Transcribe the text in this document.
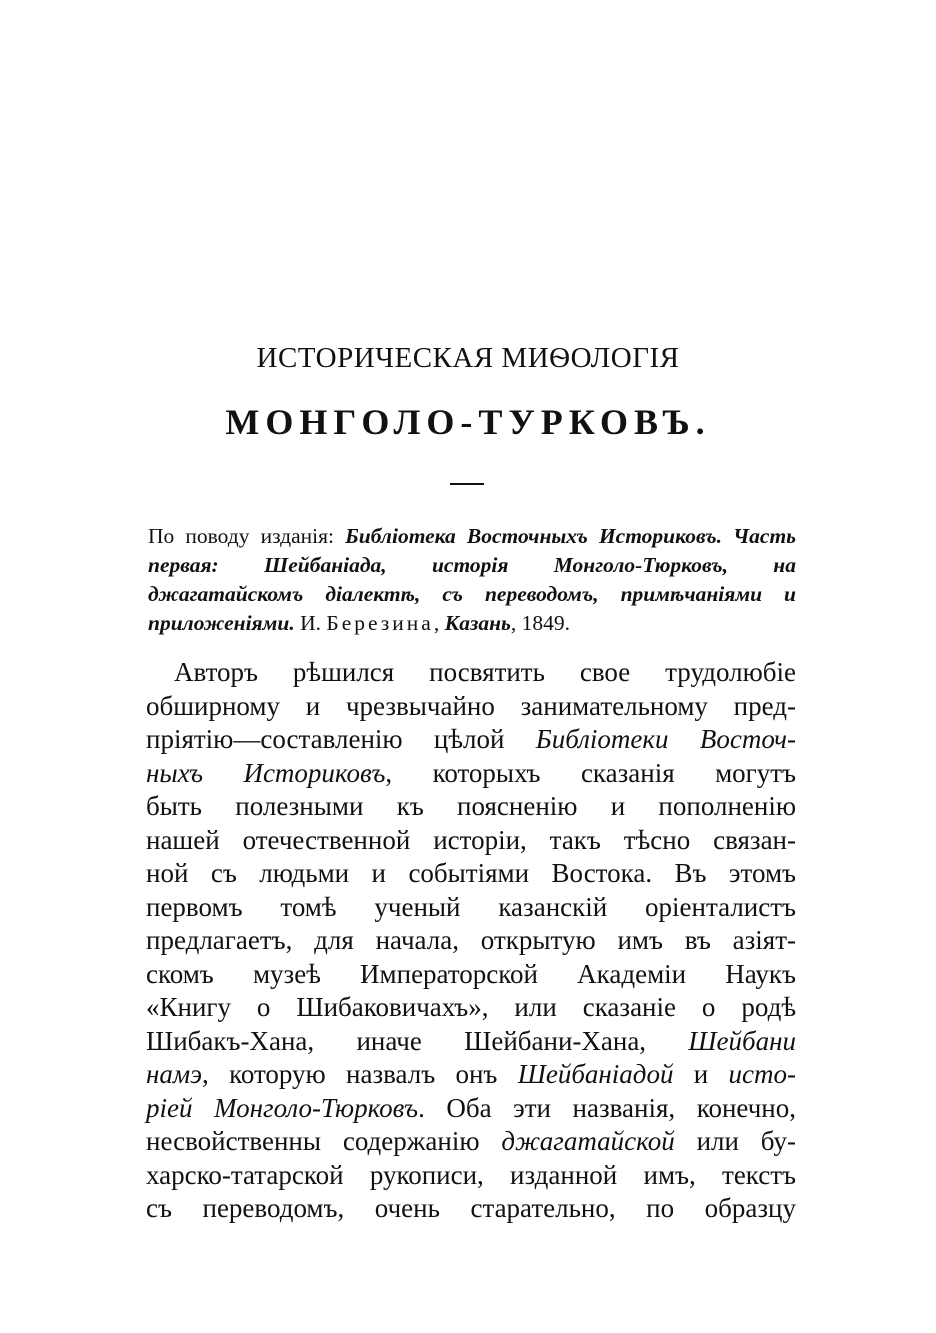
ИСТОРИЧЕСКАЯ МИѲОЛОГІЯ
МОНГОЛО-ТУРКОВЪ.
По поводу изданія: Библіотека Восточныхъ Историковъ. Часть первая: Шейбаніада, исторія Монголо-Тюрковъ, на джагатайскомъ діалектѣ, съ переводомъ, примѣчаніями и приложеніями. И. Березина, Казань, 1849.
Авторъ рѣшился посвятить свое трудолюбіе
обширному и чрезвычайно занимательному пред-
пріятію—составленію цѣлой Библіотеки Восточ-
ныхъ Историковъ, которыхъ сказанія могутъ
быть полезными къ поясненію и пополненію
нашей отечественной исторіи, такъ тѣсно связан-
ной съ людьми и событіями Востока. Въ этомъ
первомъ томѣ ученый казанскій оріенталистъ
предлагаетъ, для начала, открытую имъ въ азіят-
скомъ музеѣ Императорской Академіи Наукъ
«Книгу о Шибаковичахъ», или сказаніе о родѣ
Шибакъ-Хана, иначе Шейбани-Хана, Шейбани
намэ, которую назвалъ онъ Шейбаніадой и исто-
ріей Монголо-Тюрковъ. Оба эти названія, конечно,
несвойственны содержанію джагатайской или бу-
харско-татарской рукописи, изданной имъ, текстъ
съ переводомъ, очень старательно, по образцу
